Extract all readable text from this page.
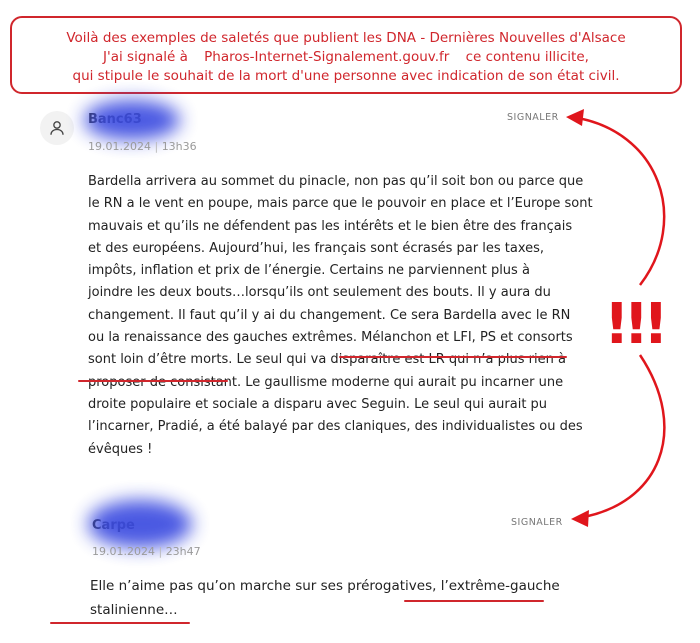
Voilà des exemples de saletés que publient les DNA - Dernières Nouvelles d'Alsace
J'ai signalé à Pharos-Internet-Signalement.gouv.fr ce contenu illicite,
qui stipule le souhait de la mort d'une personne avec indication de son état civil.
19.01.2024 | 13h36
SIGNALER
Bardella arrivera au sommet du pinacle, non pas qu’il soit bon ou parce que
le RN a le vent en poupe, mais parce que le pouvoir en place et l’Europe sont
mauvais et qu’ils ne défendent pas les intérêts et le bien être des français
et des européens. Aujourd’hui, les français sont écrasés par les taxes,
impôts, inflation et prix de l’énergie. Certains ne parviennent plus à
joindre les deux bouts…lorsqu’ils ont seulement des bouts. Il y aura du
changement. Il faut qu’il y ai du changement. Ce sera Bardella avec le RN
ou la renaissance des gauches extrêmes. Mélanchon et LFI, PS et consorts
sont loin d’être morts. Le seul qui va disparaître est LR qui n’a plus rien à
proposer de consistant. Le gaullisme moderne qui aurait pu incarner une
droite populaire et sociale a disparu avec Seguin. Le seul qui aurait pu
l’incarner, Pradié, a été balayé par des claniques, des individualistes ou des
évêques !
19.01.2024 | 23h47
SIGNALER
Elle n’aime pas qu’on marche sur ses prérogatives, l’extrême-gauche
stalinienne…
!!!
